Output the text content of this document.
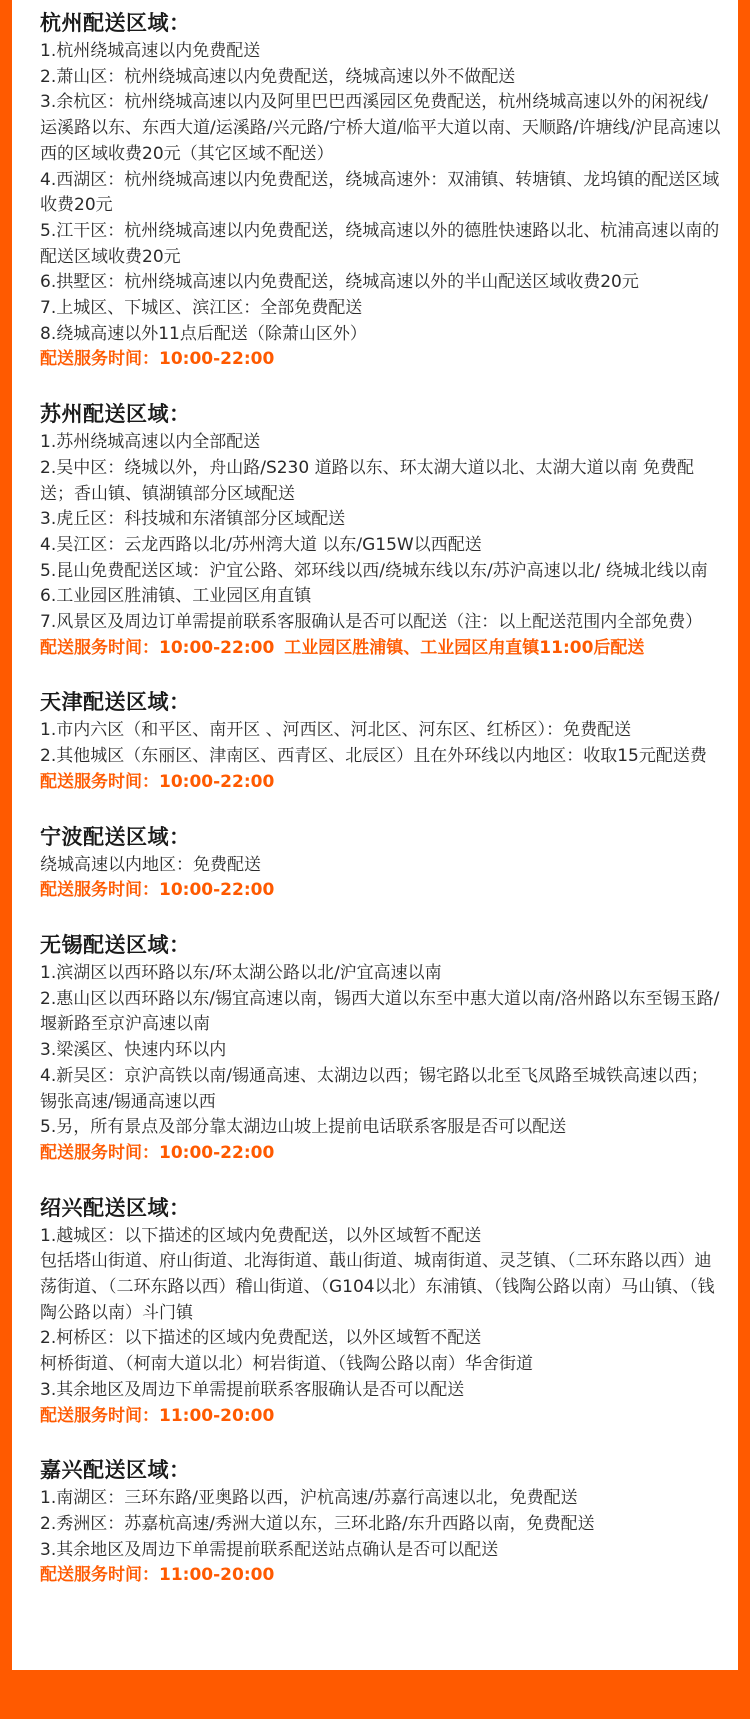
杭州配送区域：
1.杭州绕城高速以内免费配送
2.萧山区：杭州绕城高速以内免费配送，绕城高速以外不做配送
3.余杭区：杭州绕城高速以内及阿里巴巴西溪园区免费配送，杭州绕城高速以外的闲祝线/运溪路以东、东西大道/运溪路/兴元路/宁桥大道/临平大道以南、天顺路/许塘线/沪昆高速以西的区域收费20元（其它区域不配送）
4.西湖区：杭州绕城高速以内免费配送，绕城高速外：双浦镇、转塘镇、龙坞镇的配送区域收费20元
5.江干区：杭州绕城高速以内免费配送，绕城高速以外的德胜快速路以北、杭浦高速以南的配送区域收费20元
6.拱墅区：杭州绕城高速以内免费配送，绕城高速以外的半山配送区域收费20元
7.上城区、下城区、滨江区：全部免费配送
8.绕城高速以外11点后配送（除萧山区外）
配送服务时间：10:00-22:00
苏州配送区域：
1.苏州绕城高速以内全部配送
2.吴中区：绕城以外，舟山路/S230 道路以东、环太湖大道以北、太湖大道以南 免费配送；香山镇、镇湖镇部分区域配送
3.虎丘区：科技城和东渚镇部分区域配送
4.吴江区：云龙西路以北/苏州湾大道 以东/G15W以西配送
5.昆山免费配送区域：沪宜公路、郊环线以西/绕城东线以东/苏沪高速以北/ 绕城北线以南
6.工业园区胜浦镇、工业园区甪直镇
7.风景区及周边订单需提前联系客服确认是否可以配送（注：以上配送范围内全部免费）
配送服务时间：10:00-22:00 工业园区胜浦镇、工业园区甪直镇11:00后配送
天津配送区域：
1.市内六区（和平区、南开区 、河西区、河北区、河东区、红桥区）：免费配送
2.其他城区（东丽区、津南区、西青区、北辰区）且在外环线以内地区：收取15元配送费
配送服务时间：10:00-22:00
宁波配送区域：
绕城高速以内地区：免费配送
配送服务时间：10:00-22:00
无锡配送区域：
1.滨湖区以西环路以东/环太湖公路以北/沪宜高速以南
2.惠山区以西环路以东/锡宜高速以南，锡西大道以东至中惠大道以南/洛州路以东至锡玉路/堰新路至京沪高速以南
3.梁溪区、快速内环以内
4.新吴区：京沪高铁以南/锡通高速、太湖边以西；锡宅路以北至飞凤路至城铁高速以西；锡张高速/锡通高速以西
5.另，所有景点及部分靠太湖边山坡上提前电话联系客服是否可以配送
配送服务时间：10:00-22:00
绍兴配送区域：
1.越城区：以下描述的区域内免费配送，以外区域暂不配送
包括塔山街道、府山街道、北海街道、蕺山街道、城南街道、灵芝镇、（二环东路以西）迪荡街道、（二环东路以西）稽山街道、（G104以北）东浦镇、（钱陶公路以南）马山镇、（钱陶公路以南）斗门镇
2.柯桥区：以下描述的区域内免费配送，以外区域暂不配送
柯桥街道、（柯南大道以北）柯岩街道、（钱陶公路以南）华舍街道
3.其余地区及周边下单需提前联系客服确认是否可以配送
配送服务时间：11:00-20:00
嘉兴配送区域：
1.南湖区：三环东路/亚奥路以西，沪杭高速/苏嘉行高速以北，免费配送
2.秀洲区：苏嘉杭高速/秀洲大道以东，三环北路/东升西路以南，免费配送
3.其余地区及周边下单需提前联系配送站点确认是否可以配送
配送服务时间：11:00-20:00
